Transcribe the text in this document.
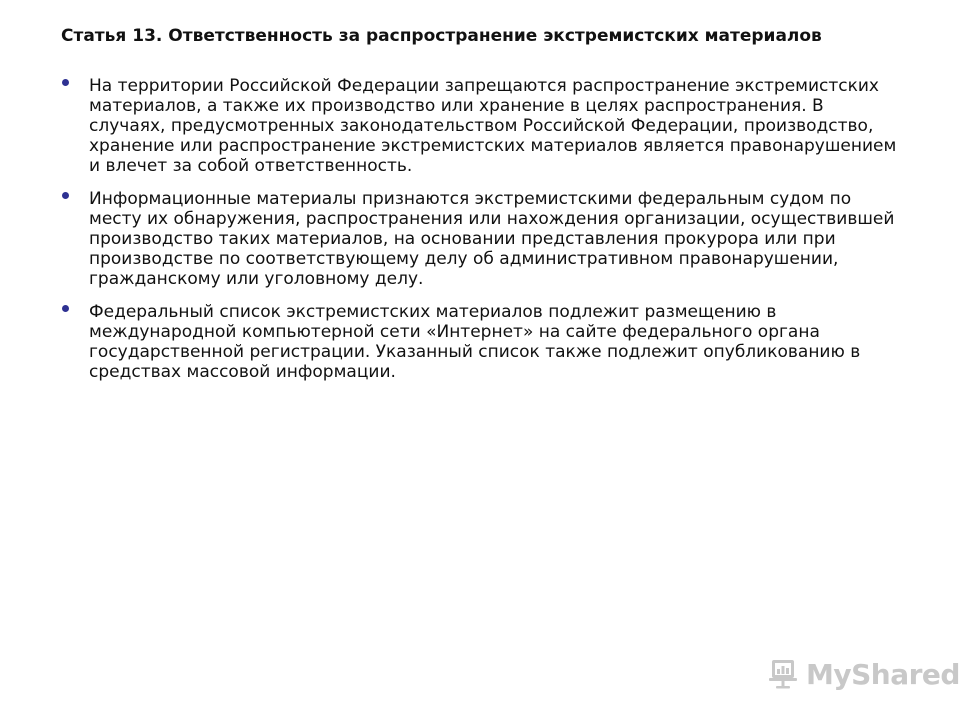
Статья 13. Ответственность за распространение экстремистских материалов
На территории Российской Федерации запрещаются распространение экстремистских материалов, а также их производство или хранение в целях распространения. В случаях, предусмотренных законодательством Российской Федерации, производство, хранение или распространение экстремистских материалов является правонарушением и влечет за собой ответственность.
Информационные материалы признаются экстремистскими федеральным судом по месту их обнаружения, распространения или нахождения организации, осуществившей производство таких материалов, на основании представления прокурора или при производстве по соответствующему делу об административном правонарушении, гражданскому или уголовному делу.
Федеральный список экстремистских материалов подлежит размещению в международной компьютерной сети «Интернет» на сайте федерального органа государственной регистрации. Указанный список также подлежит опубликованию в средствах массовой информации.
MyShared
